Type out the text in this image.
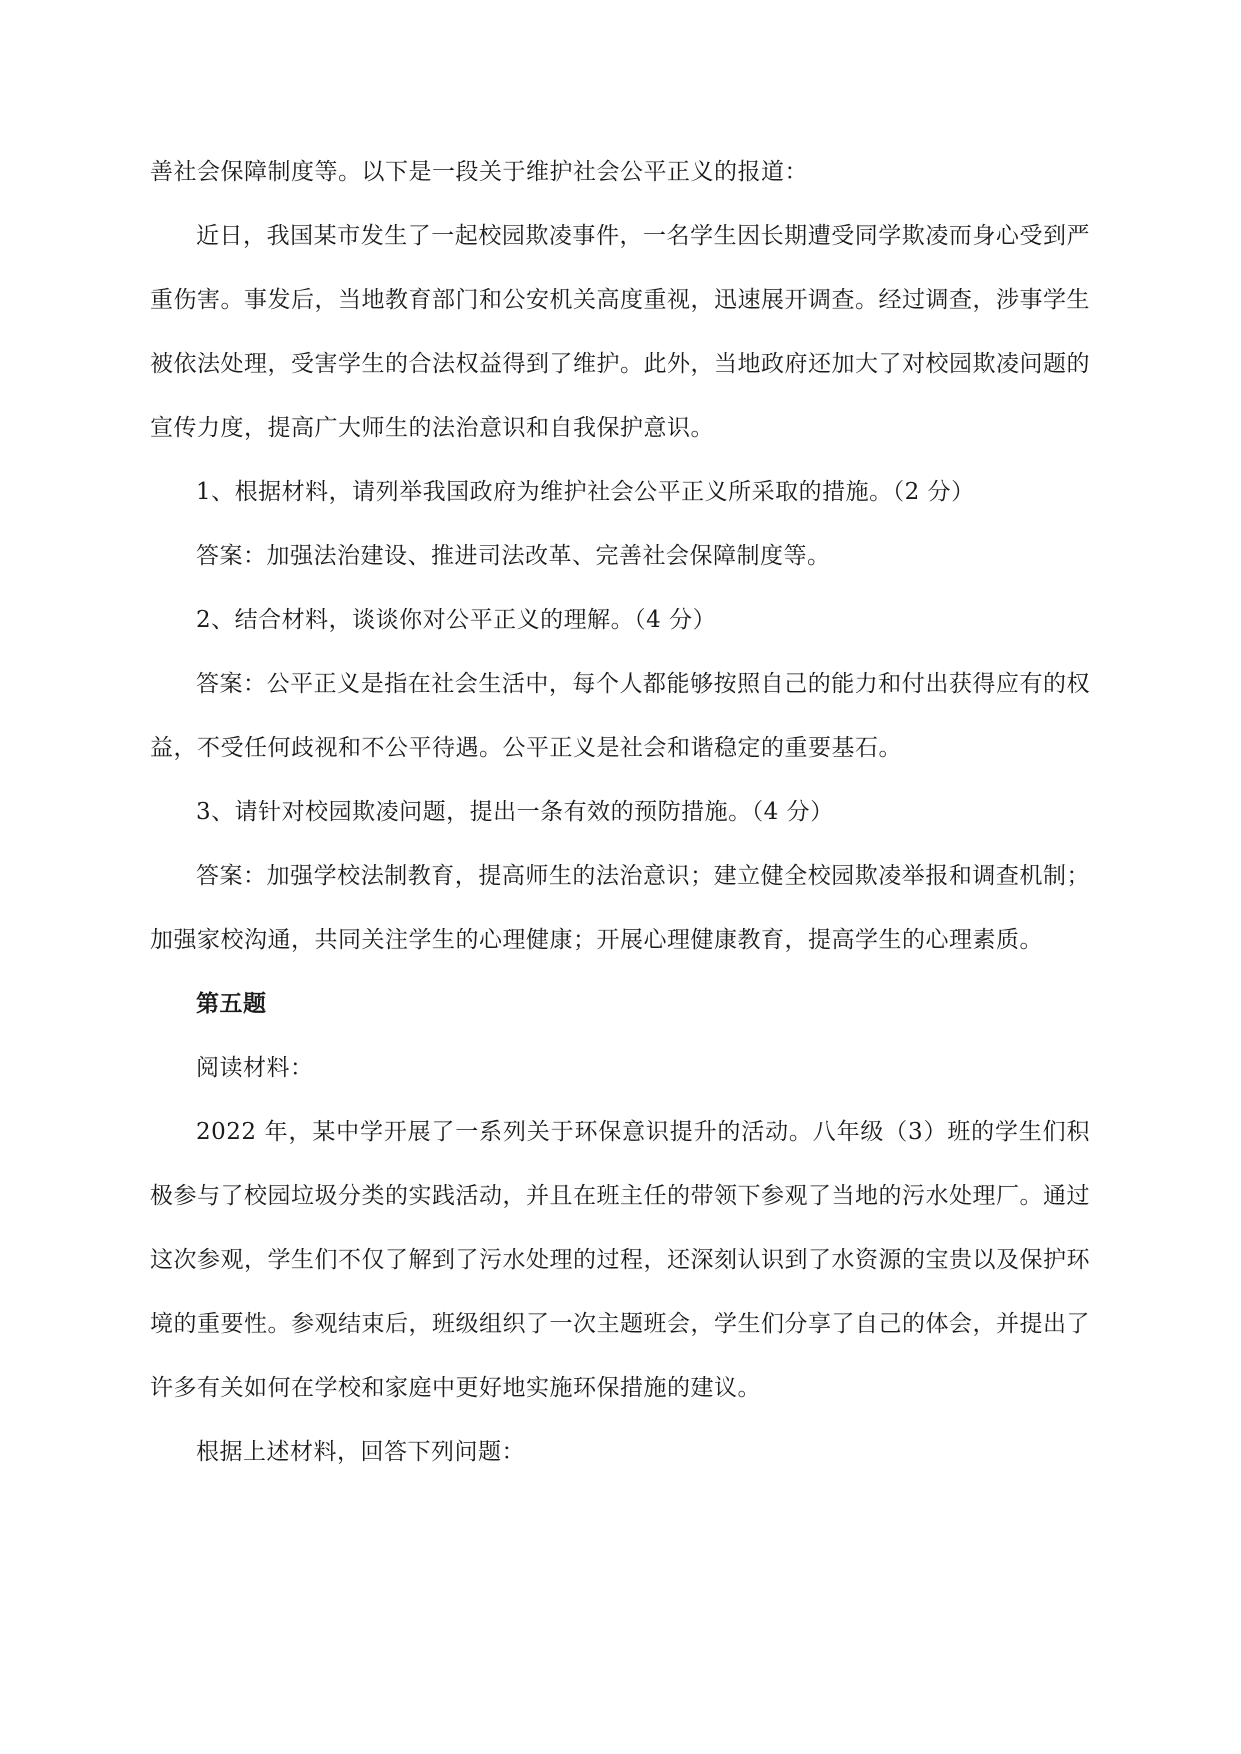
善社会保障制度等。以下是一段关于维护社会公平正义的报道：

近日，我国某市发生了一起校园欺凌事件，一名学生因长期遭受同学欺凌而身心受到严重伤害。事发后，当地教育部门和公安机关高度重视，迅速展开调查。经过调查，涉事学生被依法处理，受害学生的合法权益得到了维护。此外，当地政府还加大了对校园欺凌问题的宣传力度，提高广大师生的法治意识和自我保护意识。

1、根据材料，请列举我国政府为维护社会公平正义所采取的措施。（2 分）

答案：加强法治建设、推进司法改革、完善社会保障制度等。

2、结合材料，谈谈你对公平正义的理解。（4 分）

答案：公平正义是指在社会生活中，每个人都能够按照自己的能力和付出获得应有的权益，不受任何歧视和不公平待遇。公平正义是社会和谐稳定的重要基石。

3、请针对校园欺凌问题，提出一条有效的预防措施。（4 分）

答案：加强学校法制教育，提高师生的法治意识；建立健全校园欺凌举报和调查机制；加强家校沟通，共同关注学生的心理健康；开展心理健康教育，提高学生的心理素质。

第五题

阅读材料：

2022 年，某中学开展了一系列关于环保意识提升的活动。八年级（3）班的学生们积极参与了校园垃圾分类的实践活动，并且在班主任的带领下参观了当地的污水处理厂。通过这次参观，学生们不仅了解到了污水处理的过程，还深刻认识到了水资源的宝贵以及保护环境的重要性。参观结束后，班级组织了一次主题班会，学生们分享了自己的体会，并提出了许多有关如何在学校和家庭中更好地实施环保措施的建议。

根据上述材料，回答下列问题：
